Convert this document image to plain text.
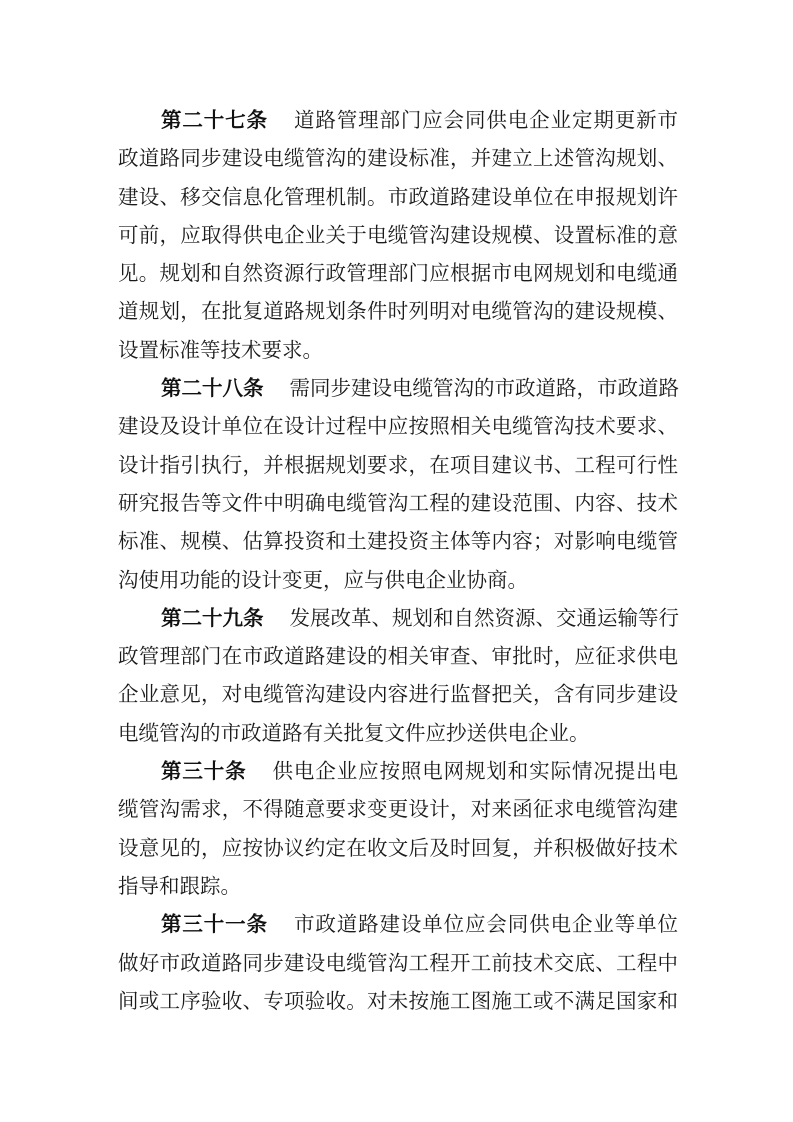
第二十七条 道路管理部门应会同供电企业定期更新市
政道路同步建设电缆管沟的建设标准，并建立上述管沟规划、
建设、移交信息化管理机制。市政道路建设单位在申报规划许
可前，应取得供电企业关于电缆管沟建设规模、设置标准的意
见。规划和自然资源行政管理部门应根据市电网规划和电缆通
道规划，在批复道路规划条件时列明对电缆管沟的建设规模、
设置标准等技术要求。
第二十八条 需同步建设电缆管沟的市政道路，市政道路
建设及设计单位在设计过程中应按照相关电缆管沟技术要求、
设计指引执行，并根据规划要求，在项目建议书、工程可行性
研究报告等文件中明确电缆管沟工程的建设范围、内容、技术
标准、规模、估算投资和土建投资主体等内容；对影响电缆管
沟使用功能的设计变更，应与供电企业协商。
第二十九条 发展改革、规划和自然资源、交通运输等行
政管理部门在市政道路建设的相关审查、审批时，应征求供电
企业意见，对电缆管沟建设内容进行监督把关，含有同步建设
电缆管沟的市政道路有关批复文件应抄送供电企业。
第三十条 供电企业应按照电网规划和实际情况提出电
缆管沟需求，不得随意要求变更设计，对来函征求电缆管沟建
设意见的，应按协议约定在收文后及时回复，并积极做好技术
指导和跟踪。
第三十一条 市政道路建设单位应会同供电企业等单位
做好市政道路同步建设电缆管沟工程开工前技术交底、工程中
间或工序验收、专项验收。对未按施工图施工或不满足国家和
